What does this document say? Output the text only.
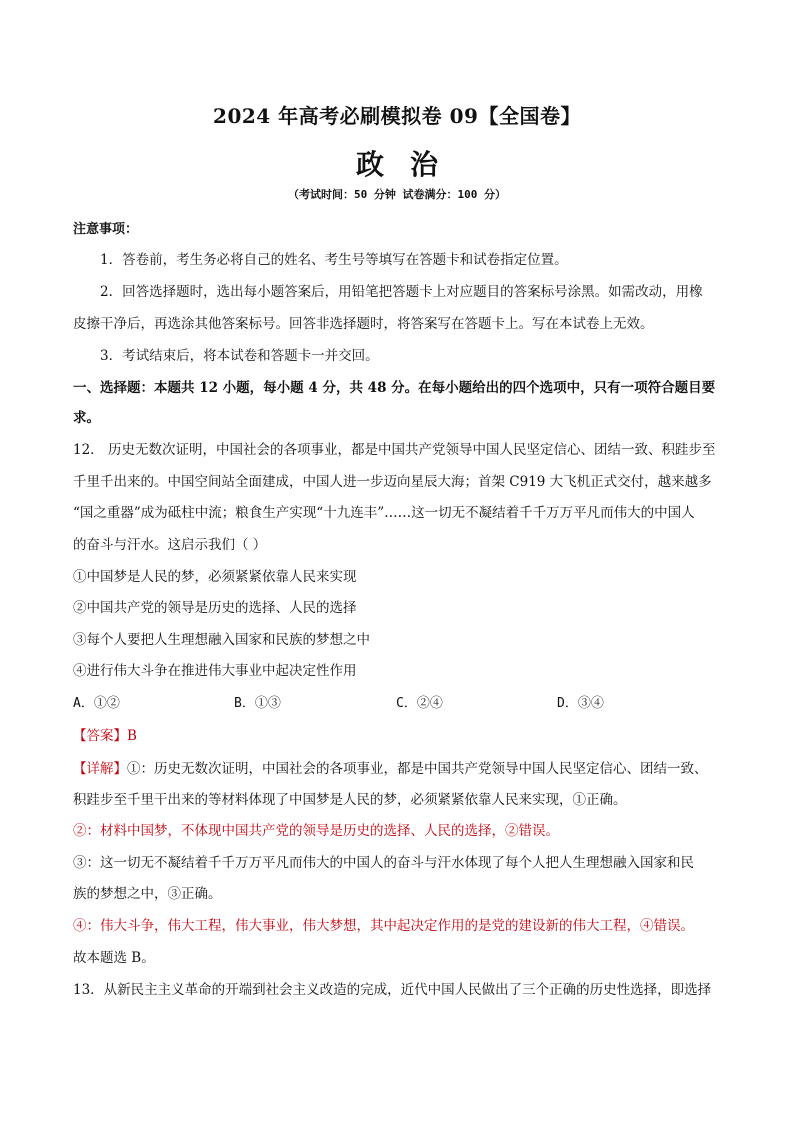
2024 年高考必刷模拟卷 09【全国卷】
政治
（考试时间：50 分钟 试卷满分：100 分）
注意事项：
1．答卷前，考生务必将自己的姓名、考生号等填写在答题卡和试卷指定位置。
2．回答选择题时，选出每小题答案后，用铅笔把答题卡上对应题目的答案标号涂黑。如需改动，用橡
皮擦干净后，再选涂其他答案标号。回答非选择题时，将答案写在答题卡上。写在本试卷上无效。
3．考试结束后，将本试卷和答题卡一并交回。
一、选择题：本题共 12 小题，每小题 4 分，共 48 分。在每小题给出的四个选项中，只有一项符合题目要
求。
12． 历史无数次证明，中国社会的各项事业，都是中国共产党领导中国人民坚定信心、团结一致、积跬步至
千里千出来的。中国空间站全面建成，中国人进一步迈向星辰大海；首架 C919 大飞机正式交付，越来越多
“国之重器”成为砥柱中流；粮食生产实现“十九连丰”……这一切无不凝结着千千万万平凡而伟大的中国人
的奋斗与汗水。这启示我们（ ）
①中国梦是人民的梦，必须紧紧依靠人民来实现
②中国共产党的领导是历史的选择、人民的选择
③每个人要把人生理想融入国家和民族的梦想之中
④进行伟大斗争在推进伟大事业中起决定性作用
A．①②	B．①③	C．②④	D．③④
【答案】B
【详解】①：历史无数次证明，中国社会的各项事业，都是中国共产党领导中国人民坚定信心、团结一致、
积跬步至千里干出来的等材料体现了中国梦是人民的梦，必须紧紧依靠人民来实现，①正确。
②：材料中国梦，不体现中国共产党的领导是历史的选择、人民的选择，②错误。
③：这一切无不凝结着千千万万平凡而伟大的中国人的奋斗与汗水体现了每个人把人生理想融入国家和民
族的梦想之中，③正确。
④：伟大斗争，伟大工程，伟大事业，伟大梦想，其中起决定作用的是党的建设新的伟大工程，④错误。
故本题选 B。
13．从新民主主义革命的开端到社会主义改造的完成，近代中国人民做出了三个正确的历史性选择，即选择
